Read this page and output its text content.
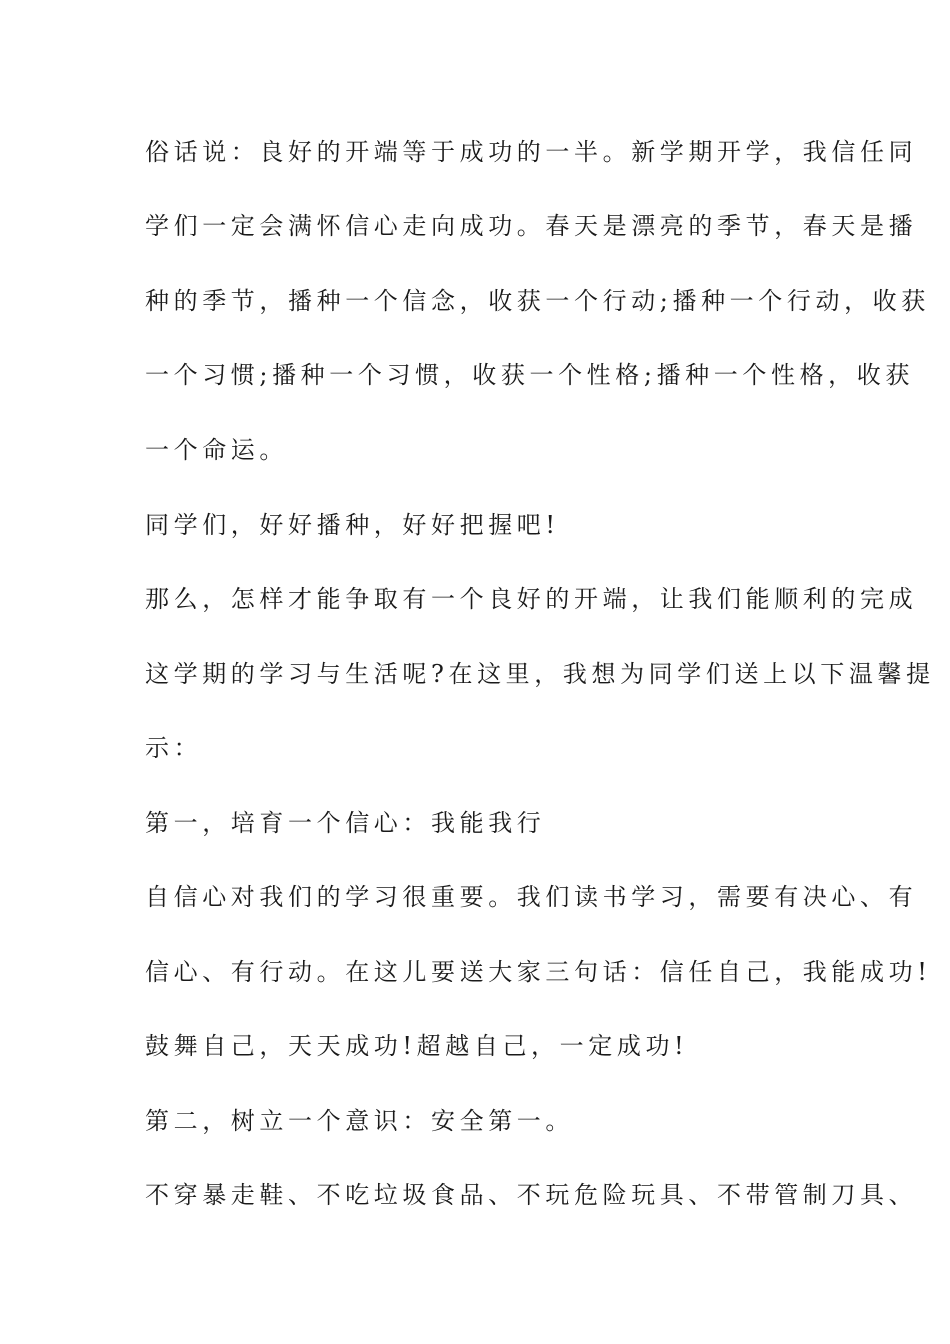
俗话说：良好的开端等于成功的一半。新学期开学，我信任同
学们一定会满怀信心走向成功。春天是漂亮的季节，春天是播
种的季节，播种一个信念，收获一个行动;播种一个行动，收获
一个习惯;播种一个习惯，收获一个性格;播种一个性格，收获
一个命运。
同学们，好好播种，好好把握吧!
那么，怎样才能争取有一个良好的开端，让我们能顺利的完成
这学期的学习与生活呢?在这里，我想为同学们送上以下温馨提
示：
第一，培育一个信心：我能我行
自信心对我们的学习很重要。我们读书学习，需要有决心、有
信心、有行动。在这儿要送大家三句话：信任自己，我能成功!
鼓舞自己，天天成功!超越自己，一定成功!
第二，树立一个意识：安全第一。
不穿暴走鞋、不吃垃圾食品、不玩危险玩具、不带管制刀具、
